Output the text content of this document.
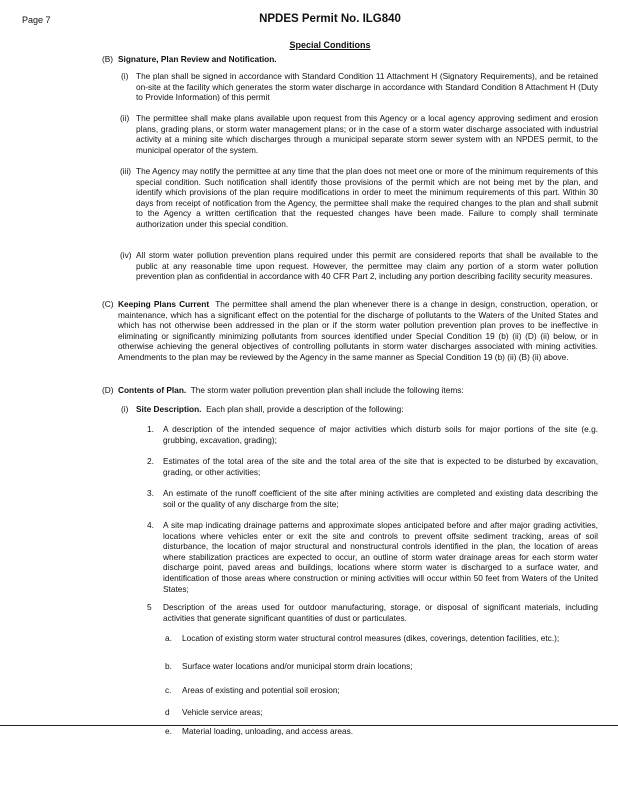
Page 7	NPDES Permit No. ILG840
Special Conditions
(B) Signature, Plan Review and Notification.
(i) The plan shall be signed in accordance with Standard Condition 11 Attachment H (Signatory Requirements), and be retained on-site at the facility which generates the storm water discharge in accordance with Standard Condition 8 Attachment H (Duty to Provide Information) of this permit
(ii) The permittee shall make plans available upon request from this Agency or a local agency approving sediment and erosion plans, grading plans, or storm water management plans; or in the case of a storm water discharge associated with industrial activity at a mining site which discharges through a municipal separate storm sewer system with an NPDES permit, to the municipal operator of the system.
(iii) The Agency may notify the permittee at any time that the plan does not meet one or more of the minimum requirements of this special condition. Such notification shall identify those provisions of the permit which are not being met by the plan, and identify which provisions of the plan require modifications in order to meet the minimum requirements of this part. Within 30 days from receipt of notification from the Agency, the permittee shall make the required changes to the plan and shall submit to the Agency a written certification that the requested changes have been made. Failure to comply shall terminate authorization under this special condition.
(iv) All storm water pollution prevention plans required under this permit are considered reports that shall be available to the public at any reasonable time upon request. However, the permittee may claim any portion of a storm water pollution prevention plan as confidential in accordance with 40 CFR Part 2, including any portion describing facility security measures.
(C) Keeping Plans Current The permittee shall amend the plan whenever there is a change in design, construction, operation, or maintenance, which has a significant effect on the potential for the discharge of pollutants to the Waters of the United States and which has not otherwise been addressed in the plan or if the storm water pollution prevention plan proves to be ineffective in eliminating or significantly minimizing pollutants from sources identified under Special Condition 19 (b) (ii) (D) (ii) below, or in otherwise achieving the general objectives of controlling pollutants in storm water discharges associated with mining activities. Amendments to the plan may be reviewed by the Agency in the same manner as Special Condition 19 (b) (ii) (B) (ii) above.
(D) Contents of Plan. The storm water pollution prevention plan shall include the following items:
(i) Site Description. Each plan shall, provide a description of the following:
1. A description of the intended sequence of major activities which disturb soils for major portions of the site (e.g. grubbing, excavation, grading);
2. Estimates of the total area of the site and the total area of the site that is expected to be disturbed by excavation, grading, or other activities;
3. An estimate of the runoff coefficient of the site after mining activities are completed and existing data describing the soil or the quality of any discharge from the site;
4. A site map indicating drainage patterns and approximate slopes anticipated before and after major grading activities, locations where vehicles enter or exit the site and controls to prevent offsite sediment tracking, areas of soil disturbance, the location of major structural and nonstructural controls identified in the plan, the location of areas where stabilization practices are expected to occur, an outline of storm water drainage areas for each storm water discharge point, paved areas and buildings, locations where storm water is discharged to a surface water, and identification of those areas where construction or mining activities will occur within 50 feet from Waters of the United States;
5 Description of the areas used for outdoor manufacturing, storage, or disposal of significant materials, including activities that generate significant quantities of dust or particulates.
a. Location of existing storm water structural control measures (dikes, coverings, detention facilities, etc.);
b. Surface water locations and/or municipal storm drain locations;
c. Areas of existing and potential soil erosion;
d Vehicle service areas;
e. Material loading, unloading, and access areas.
